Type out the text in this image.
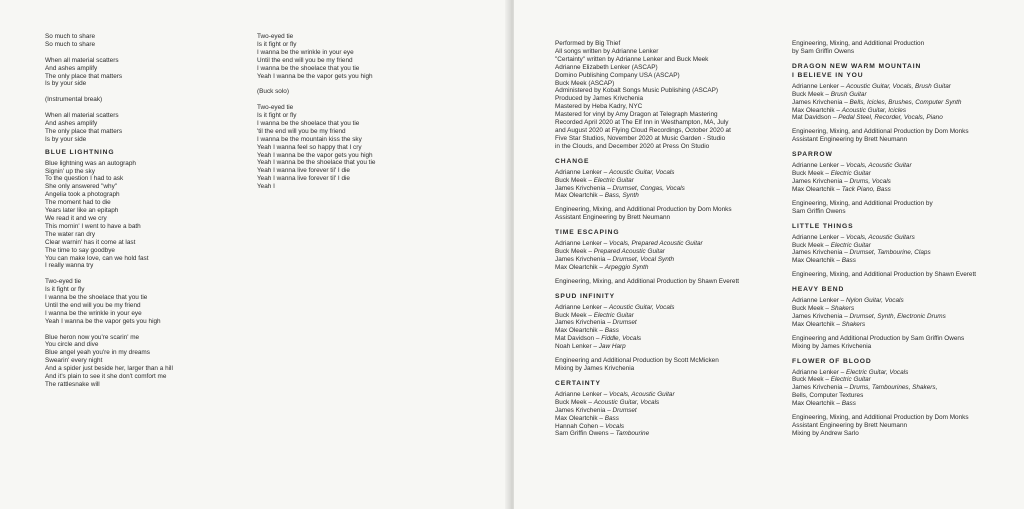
So much to share
So much to share
When all material scatters
And ashes amplify
The only place that matters
Is by your side
(Instrumental break)
When all material scatters
And ashes amplify
The only place that matters
Is by your side
BLUE LIGHTNING
Blue lightning was an autograph
Signin' up the sky
To the question I had to ask
She only answered "why"
Angelia took a photograph
The moment had to die
Years later like an epitaph
We read it and we cry
This mornin' I went to have a bath
The water ran dry
Clear warnin' has it come at last
The time to say goodbye
You can make love, can we hold fast
I really wanna try
Two-eyed tie
Is it fight or fly
I wanna be the shoelace that you tie
Until the end will you be my friend
I wanna be the wrinkle in your eye
Yeah I wanna be the vapor gets you high
Blue heron now you're scarin' me
You circle and dive
Blue angel yeah you're in my dreams
Swearin' every night
And a spider just beside her, larger than a hill
And it's plain to see it she don't comfort me
The rattlesnake will
Two-eyed tie
Is it fight or fly
I wanna be the wrinkle in your eye
Until the end will you be my friend
I wanna be the shoelace that you tie
Yeah I wanna be the vapor gets you high
(Buck solo)
Two-eyed tie
Is it fight or fly
I wanna be the shoelace that you tie
'til the end will you be my friend
I wanna be the mountain kiss the sky
Yeah I wanna feel so happy that I cry
Yeah I wanna be the vapor gets you high
Yeah I wanna be the shoelace that you tie
Yeah I wanna live forever til' I die
Yeah I wanna live forever til' I die
Yeah I
Performed by Big Thief
All songs written by Adrianne Lenker
"Certainty" written by Adrianne Lenker and Buck Meek
Adrianne Elizabeth Lenker (ASCAP)
Domino Publishing Company USA (ASCAP)
Buck Meek (ASCAP)
Administered by Kobalt Songs Music Publishing (ASCAP)
Produced by James Krivchenia
Mastered by Heba Kadry, NYC
Mastered for vinyl by Amy Dragon at Telegraph Mastering
Recorded April 2020 at The Elf Inn in Westhampton, MA, July
and August 2020 at Flying Cloud Recordings, October 2020 at
Five Star Studios, November 2020 at Music Garden - Studio
in the Clouds, and December 2020 at Press On Studio
CHANGE
Adrianne Lenker – Acoustic Guitar, Vocals
Buck Meek – Electric Guitar
James Krivchenia – Drumset, Congas, Vocals
Max Oleartchik – Bass, Synth
Engineering, Mixing, and Additional Production by Dom Monks
Assistant Engineering by Brett Neumann
TIME ESCAPING
Adrianne Lenker – Vocals, Prepared Acoustic Guitar
Buck Meek – Prepared Acoustic Guitar
James Krivchenia – Drumset, Vocal Synth
Max Oleartchik – Arpeggio Synth
Engineering, Mixing, and Additional Production by Shawn Everett
SPUD INFINITY
Adrianne Lenker – Acoustic Guitar, Vocals
Buck Meek – Electric Guitar
James Krivchenia – Drumset
Max Oleartchik – Bass
Mat Davidson – Fiddle, Vocals
Noah Lenker – Jaw Harp
Engineering and Additional Production by Scott McMicken
Mixing by James Krivchenia
CERTAINTY
Adrianne Lenker – Vocals, Acoustic Guitar
Buck Meek – Acoustic Guitar, Vocals
James Krivchenia – Drumset
Max Oleartchik – Bass
Hannah Cohen – Vocals
Sam Griffin Owens – Tambourine
Engineering, Mixing, and Additional Production
by Sam Griffin Owens
DRAGON NEW WARM MOUNTAIN
I BELIEVE IN YOU
Adrianne Lenker – Acoustic Guitar, Vocals, Brush Guitar
Buck Meek – Brush Guitar
James Krivchenia – Bells, Icicles, Brushes, Computer Synth
Max Oleartchik – Acoustic Guitar, Icicles
Mat Davidson – Pedal Steel, Recorder, Vocals, Piano
Engineering, Mixing, and Additional Production by Dom Monks
Assistant Engineering by Brett Neumann
SPARROW
Adrianne Lenker – Vocals, Acoustic Guitar
Buck Meek – Electric Guitar
James Krivchenia – Drums, Vocals
Max Oleartchik – Tack Piano, Bass
Engineering, Mixing, and Additional Production by
Sam Griffin Owens
LITTLE THINGS
Adrianne Lenker – Vocals, Acoustic Guitars
Buck Meek – Electric Guitar
James Krivchenia – Drumset, Tambourine, Claps
Max Oleartchik – Bass
Engineering, Mixing, and Additional Production by Shawn Everett
HEAVY BEND
Adrianne Lenker – Nylon Guitar, Vocals
Buck Meek – Shakers
James Krivchenia – Drumset, Synth, Electronic Drums
Max Oleartchik – Shakers
Engineering and Additional Production by Sam Griffin Owens
Mixing by James Krivchenia
FLOWER OF BLOOD
Adrianne Lenker – Electric Guitar, Vocals
Buck Meek – Electric Guitar
James Krivchenia – Drums, Tambourines, Shakers,
Bells, Computer Textures
Max Oleartchik – Bass
Engineering, Mixing, and Additional Production by Dom Monks
Assistant Engineering by Brett Neumann
Mixing by Andrew Sarlo
